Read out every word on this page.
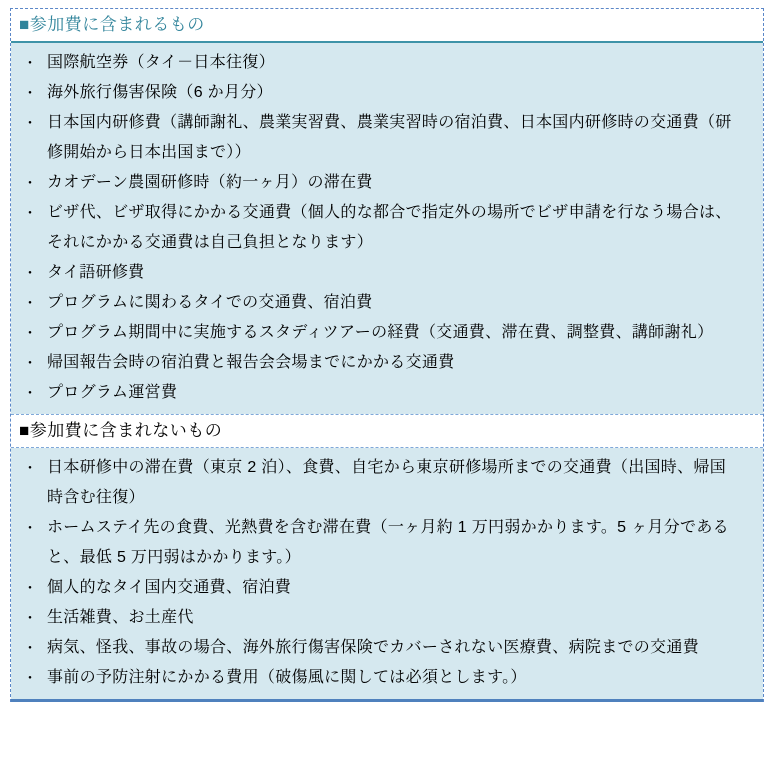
■参加費に含まれるもの
・ 国際航空券（タイ－日本往復）
・ 海外旅行傷害保険（6 か月分）
・ 日本国内研修費（講師謝礼、農業実習費、農業実習時の宿泊費、日本国内研修時の交通費（研修開始から日本出国まで））
・ カオデーン農園研修時（約一ヶ月）の滞在費
・ ビザ代、ビザ取得にかかる交通費（個人的な都合で指定外の場所でビザ申請を行なう場合は、それにかかる交通費は自己負担となります）
・ タイ語研修費
・ プログラムに関わるタイでの交通費、宿泊費
・ プログラム期間中に実施するスタディツアーの経費（交通費、滞在費、調整費、講師謝礼）
・ 帰国報告会時の宿泊費と報告会会場までにかかる交通費
・ プログラム運営費
■参加費に含まれないもの
・ 日本研修中の滞在費（東京 2 泊）、食費、自宅から東京研修場所までの交通費（出国時、帰国時含む往復）
・ ホームステイ先の食費、光熱費を含む滞在費（一ヶ月約 1 万円弱かかります。5 ヶ月分であると、最低 5 万円弱はかかります。）
・ 個人的なタイ国内交通費、宿泊費
・ 生活雑費、お土産代
・ 病気、怪我、事故の場合、海外旅行傷害保険でカバーされない医療費、病院までの交通費
・ 事前の予防注射にかかる費用（破傷風に関しては必須とします。）
